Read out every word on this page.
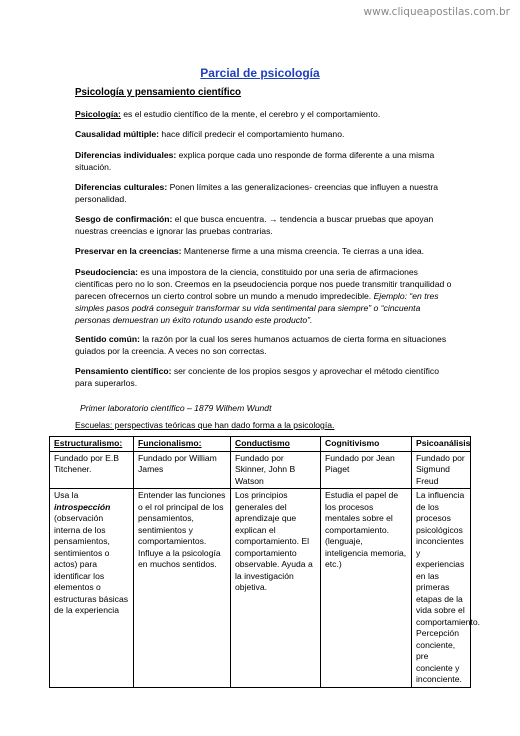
www.cliqueapostilas.com.br
Parcial de psicología
Psicología y pensamiento científico
Psicología: es el estudio científico de la mente, el cerebro y el comportamiento.
Causalidad múltiple: hace difícil predecir el comportamiento humano.
Diferencias individuales: explica porque cada uno responde de forma diferente a una misma situación.
Diferencias culturales: Ponen límites a las generalizaciones- creencias que influyen a nuestra personalidad.
Sesgo de confirmación: el que busca encuentra. → tendencia a buscar pruebas que apoyan nuestras creencias e ignorar las pruebas contrarias.
Preservar en la creencias: Mantenerse firme a una misma creencia. Te cierras a una idea.
Pseudociencia: es una impostora de la ciencia, constituido por una seria de afirmaciones científicas pero no lo son. Creemos en la pseudociencia porque nos puede transmitir tranquilidad o parecen ofrecernos un cierto control sobre un mundo a menudo impredecible. Ejemplo: “en tres simples pasos podrá conseguir transformar su vida sentimental para siempre” o “cincuenta personas demuestran un éxito rotundo usando este producto”.
Sentido común: la razón por la cual los seres humanos actuamos de cierta forma en situaciones guiados por la creencia. A veces no son correctas.
Pensamiento científico: ser conciente de los propios sesgos y aprovechar el método científico para superarlos.
Primer laboratorio científico – 1879 Wilhem Wundt
Escuelas: perspectivas teóricas que han dado forma a la psicología.
Estructuralismo:	Funcionalismo:	Conductismo	Cognitivismo	Psicoanálisis
Fundado por E.B Titchener.	Fundado por William James	Fundado por Skinner, John B Watson	Fundado por Jean Piaget	Fundado por Sigmund Freud
Usa la introspección (observación interna de los pensamientos, sentimientos o actos) para identificar los elementos o estructuras básicas de la experiencia	Entender las funciones o el rol principal de los pensamientos, sentimientos y comportamientos. Influye a la psicología en muchos sentidos.	Los principios generales del aprendizaje que explican el comportamiento. El comportamiento observable. Ayuda a la investigación objetiva.	Estudia el papel de los procesos mentales sobre el comportamiento. (lenguaje, inteligencia memoria, etc.)	La influencia de los procesos psicológicos inconcientes y experiencias en las primeras etapas de la vida sobre el comportamiento. Percepción conciente, pre conciente y inconciente.
